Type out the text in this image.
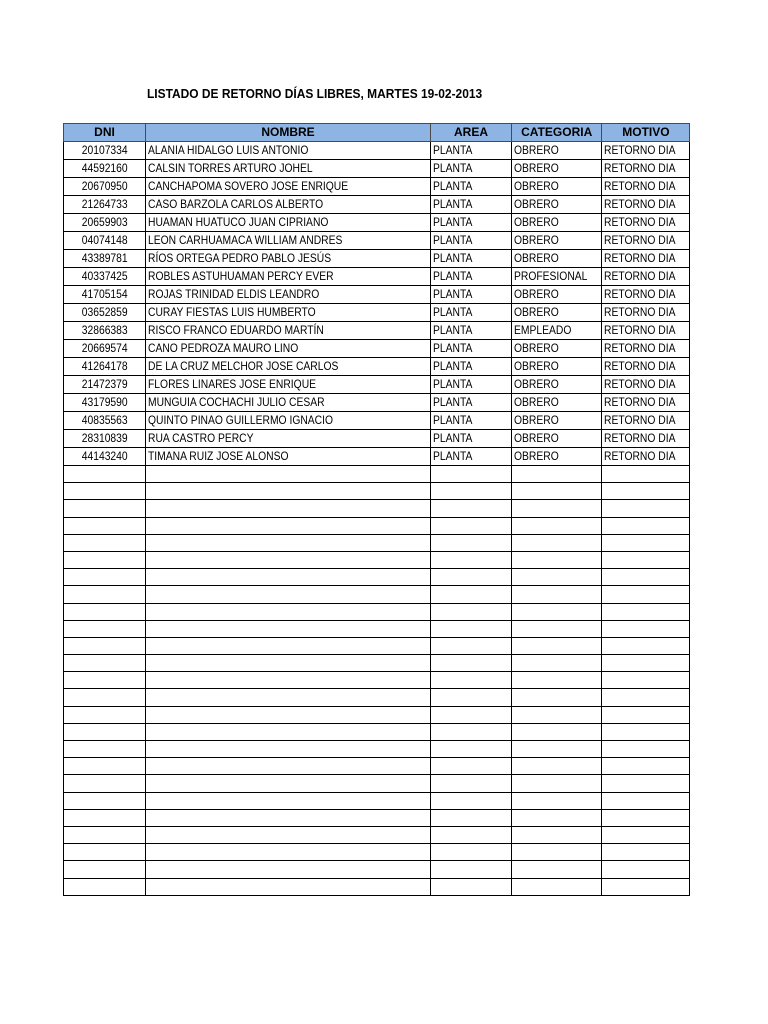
LISTADO DE RETORNO DÍAS LIBRES, MARTES 19-02-2013
DNI	NOMBRE	AREA	CATEGORIA	MOTIVO
20107334	ALANIA HIDALGO LUIS ANTONIO	PLANTA	OBRERO	RETORNO DIA
44592160	CALSIN TORRES ARTURO JOHEL	PLANTA	OBRERO	RETORNO DIA
20670950	CANCHAPOMA SOVERO JOSE ENRIQUE	PLANTA	OBRERO	RETORNO DIA
21264733	CASO BARZOLA CARLOS ALBERTO	PLANTA	OBRERO	RETORNO DIA
20659903	HUAMAN HUATUCO JUAN CIPRIANO	PLANTA	OBRERO	RETORNO DIA
04074148	LEON CARHUAMACA WILLIAM ANDRES	PLANTA	OBRERO	RETORNO DIA
43389781	RÍOS ORTEGA PEDRO PABLO JESÚS	PLANTA	OBRERO	RETORNO DIA
40337425	ROBLES ASTUHUAMAN PERCY EVER	PLANTA	PROFESIONAL	RETORNO DIA
41705154	ROJAS TRINIDAD ELDIS LEANDRO	PLANTA	OBRERO	RETORNO DIA
03652859	CURAY FIESTAS LUIS HUMBERTO	PLANTA	OBRERO	RETORNO DIA
32866383	RISCO FRANCO EDUARDO MARTÍN	PLANTA	EMPLEADO	RETORNO DIA
20669574	CANO PEDROZA MAURO LINO	PLANTA	OBRERO	RETORNO DIA
41264178	DE LA CRUZ MELCHOR JOSE CARLOS	PLANTA	OBRERO	RETORNO DIA
21472379	FLORES LINARES JOSE ENRIQUE	PLANTA	OBRERO	RETORNO DIA
43179590	MUNGUIA COCHACHI JULIO CESAR	PLANTA	OBRERO	RETORNO DIA
40835563	QUINTO PINAO GUILLERMO IGNACIO	PLANTA	OBRERO	RETORNO DIA
28310839	RUA CASTRO PERCY	PLANTA	OBRERO	RETORNO DIA
44143240	TIMANA RUIZ JOSE ALONSO	PLANTA	OBRERO	RETORNO DIA
